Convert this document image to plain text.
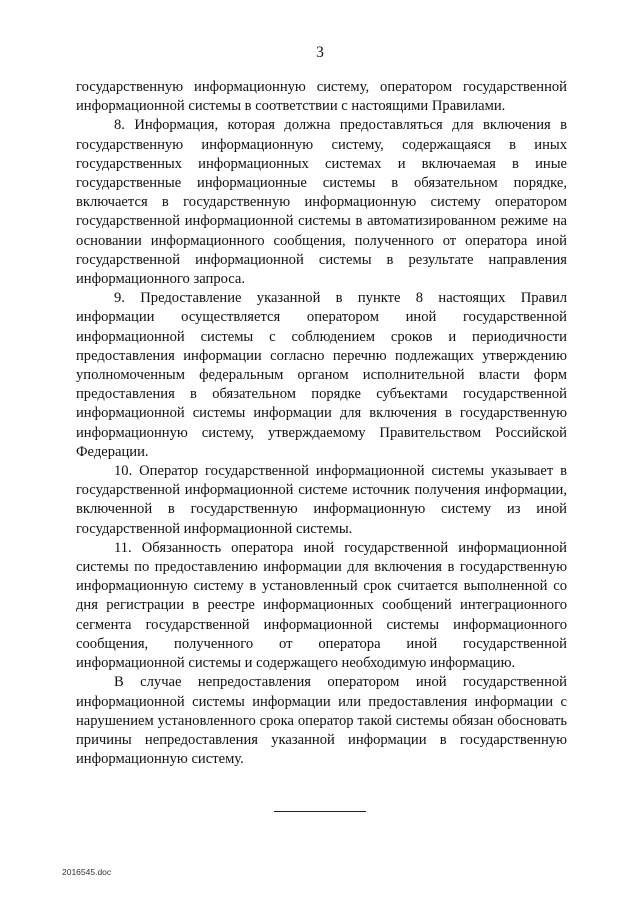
3

государственную информационную систему, оператором государственной информационной системы в соответствии с настоящими Правилами.

8. Информация, которая должна предоставляться для включения в государственную информационную систему, содержащаяся в иных государственных информационных системах и включаемая в иные государственные информационные системы в обязательном порядке, включается в государственную информационную систему оператором государственной информационной системы в автоматизированном режиме на основании информационного сообщения, полученного от оператора иной государственной информационной системы в результате направления информационного запроса.

9. Предоставление указанной в пункте 8 настоящих Правил информации осуществляется оператором иной государственной информационной системы с соблюдением сроков и периодичности предоставления информации согласно перечню подлежащих утверждению уполномоченным федеральным органом исполнительной власти форм предоставления в обязательном порядке субъектами государственной информационной системы информации для включения в государственную информационную систему, утверждаемому Правительством Российской Федерации.

10. Оператор государственной информационной системы указывает в государственной информационной системе источник получения информации, включенной в государственную информационную систему из иной государственной информационной системы.

11. Обязанность оператора иной государственной информационной системы по предоставлению информации для включения в государственную информационную систему в установленный срок считается выполненной со дня регистрации в реестре информационных сообщений интеграционного сегмента государственной информационной системы информационного сообщения, полученного от оператора иной государственной информационной системы и содержащего необходимую информацию.

В случае непредоставления оператором иной государственной информационной системы информации или предоставления информации с нарушением установленного срока оператор такой системы обязан обосновать причины непредоставления указанной информации в государственную информационную систему.

2016545.doc
